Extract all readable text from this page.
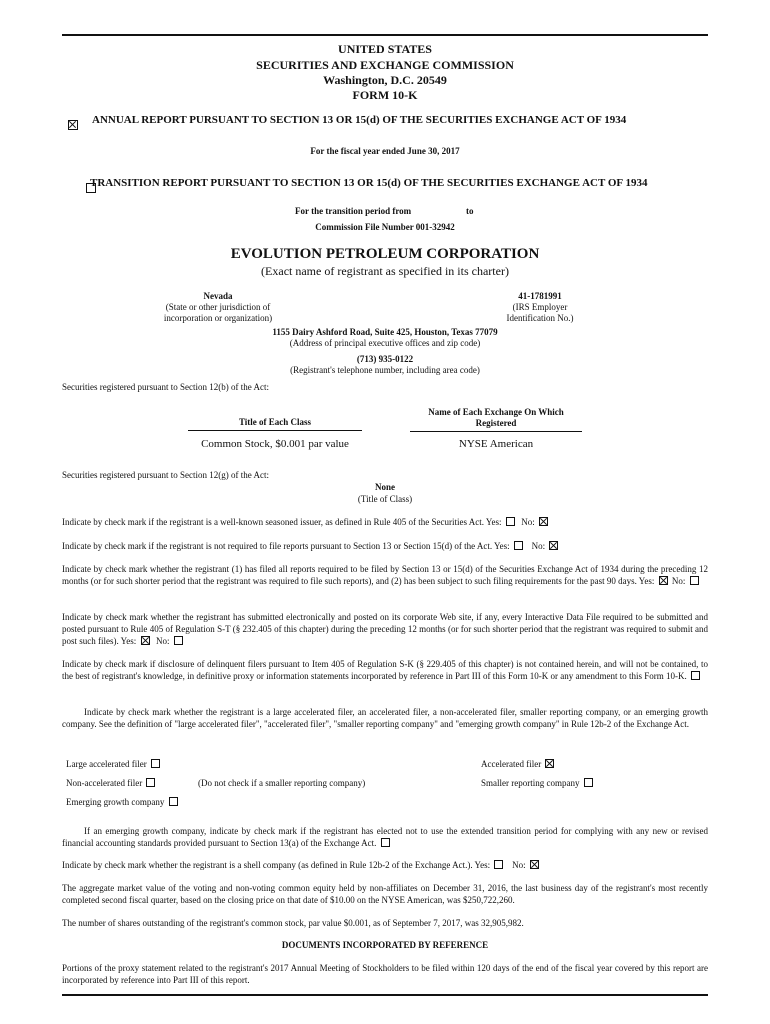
UNITED STATES
SECURITIES AND EXCHANGE COMMISSION
Washington, D.C. 20549
FORM 10-K

ANNUAL REPORT PURSUANT TO SECTION 13 OR 15(d) OF THE SECURITIES EXCHANGE ACT OF 1934
For the fiscal year ended June 30, 2017
TRANSITION REPORT PURSUANT TO SECTION 13 OR 15(d) OF THE SECURITIES EXCHANGE ACT OF 1934
For the transition period from	to
Commission File Number 001-32942
EVOLUTION PETROLEUM CORPORATION
(Exact name of registrant as specified in its charter)
Nevada
(State or other jurisdiction of
incorporation or organization)
41-1781991
(IRS Employer
Identification No.)
1155 Dairy Ashford Road, Suite 425, Houston, Texas 77079
(Address of principal executive offices and zip code)
(713) 935-0122
(Registrant's telephone number, including area code)
Securities registered pursuant to Section 12(b) of the Act:
Title of Each Class
Name of Each Exchange On Which
Registered
Common Stock, $0.001 par value	NYSE American
Securities registered pursuant to Section 12(g) of the Act:
None
(Title of Class)
Indicate by check mark if the registrant is a well-known seasoned issuer, as defined in Rule 405 of the Securities Act. Yes: No:
Indicate by check mark if the registrant is not required to file reports pursuant to Section 13 or Section 15(d) of the Act. Yes: No:
Indicate by check mark whether the registrant (1) has filed all reports required to be filed by Section 13 or 15(d) of the Securities Exchange Act of 1934 during the preceding 12 months (or for such shorter period that the registrant was required to file such reports), and (2) has been subject to such filing requirements for the past 90 days. Yes: No:
Indicate by check mark whether the registrant has submitted electronically and posted on its corporate Web site, if any, every Interactive Data File required to be submitted and posted pursuant to Rule 405 of Regulation S-T (§ 232.405 of this chapter) during the preceding 12 months (or for such shorter period that the registrant was required to submit and post such files). Yes: No:
Indicate by check mark if disclosure of delinquent filers pursuant to Item 405 of Regulation S-K (§ 229.405 of this chapter) is not contained herein, and will not be contained, to the best of registrant's knowledge, in definitive proxy or information statements incorporated by reference in Part III of this Form 10-K or any amendment to this Form 10-K.
Indicate by check mark whether the registrant is a large accelerated filer, an accelerated filer, a non-accelerated filer, smaller reporting company, or an emerging growth company. See the definition of "large accelerated filer", "accelerated filer", "smaller reporting company" and "emerging growth company" in Rule 12b-2 of the Exchange Act.
Large accelerated filer	Accelerated filer
Non-accelerated filer	(Do not check if a smaller reporting company)	Smaller reporting company
Emerging growth company
If an emerging growth company, indicate by check mark if the registrant has elected not to use the extended transition period for complying with any new or revised financial accounting standards provided pursuant to Section 13(a) of the Exchange Act.
Indicate by check mark whether the registrant is a shell company (as defined in Rule 12b-2 of the Exchange Act.). Yes: No:
The aggregate market value of the voting and non-voting common equity held by non-affiliates on December 31, 2016, the last business day of the registrant's most recently completed second fiscal quarter, based on the closing price on that date of $10.00 on the NYSE American, was $250,722,260.
The number of shares outstanding of the registrant's common stock, par value $0.001, as of September 7, 2017, was 32,905,982.
DOCUMENTS INCORPORATED BY REFERENCE
Portions of the proxy statement related to the registrant's 2017 Annual Meeting of Stockholders to be filed within 120 days of the end of the fiscal year covered by this report are incorporated by reference into Part III of this report.
